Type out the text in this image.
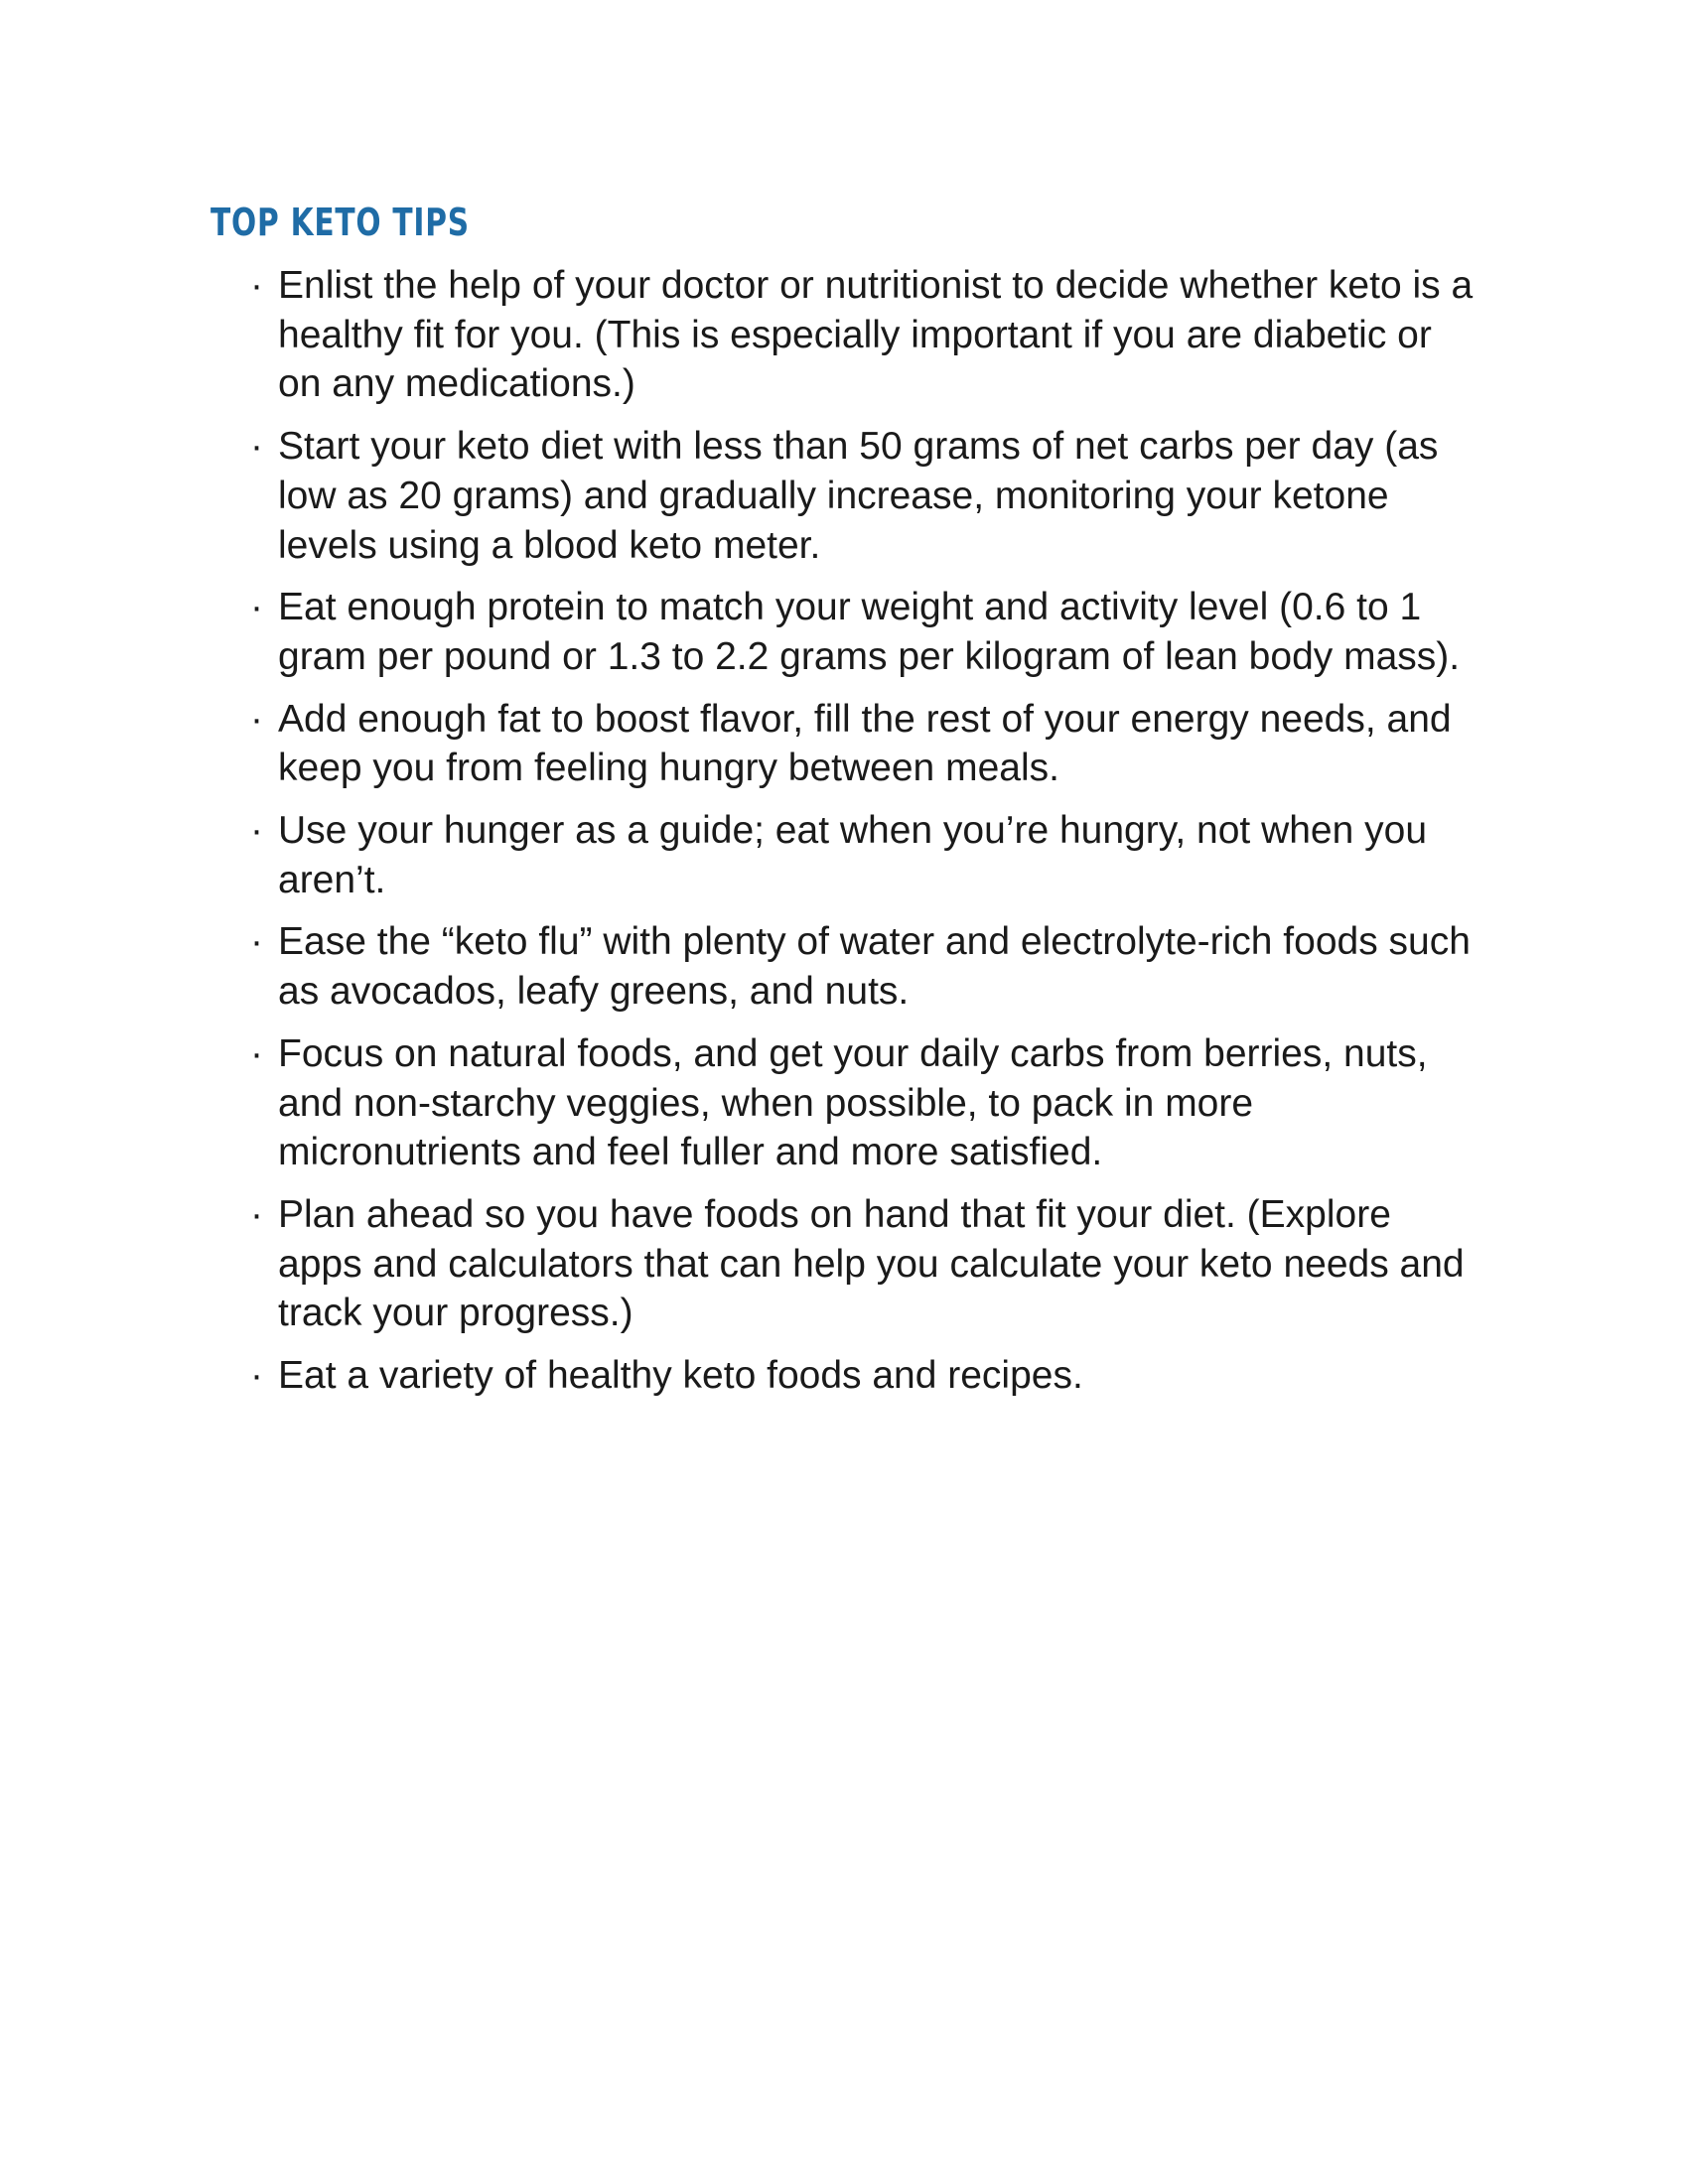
TOP KETO TIPS
· Enlist the help of your doctor or nutritionist to decide whether keto is a healthy fit for you. (This is especially important if you are diabetic or on any medications.)
· Start your keto diet with less than 50 grams of net carbs per day (as low as 20 grams) and gradually increase, monitoring your ketone levels using a blood keto meter.
· Eat enough protein to match your weight and activity level (0.6 to 1 gram per pound or 1.3 to 2.2 grams per kilogram of lean body mass).
· Add enough fat to boost flavor, fill the rest of your energy needs, and keep you from feeling hungry between meals.
· Use your hunger as a guide; eat when you’re hungry, not when you aren’t.
· Ease the “keto flu” with plenty of water and electrolyte-rich foods such as avocados, leafy greens, and nuts.
· Focus on natural foods, and get your daily carbs from berries, nuts, and non-starchy veggies, when possible, to pack in more micronutrients and feel fuller and more satisfied.
· Plan ahead so you have foods on hand that fit your diet. (Explore apps and calculators that can help you calculate your keto needs and track your progress.)
· Eat a variety of healthy keto foods and recipes.
